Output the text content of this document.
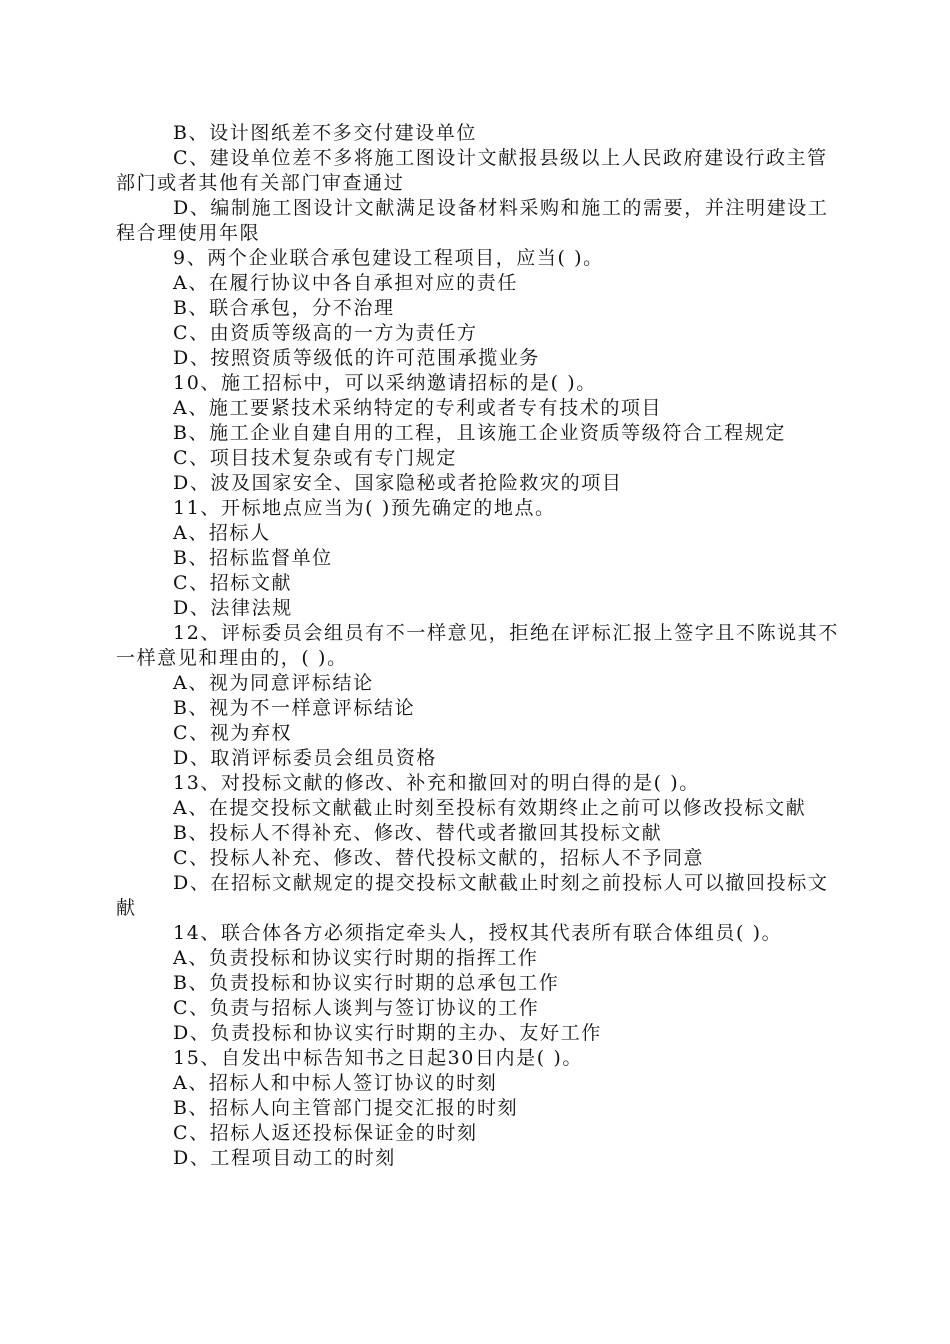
B、设计图纸差不多交付建设单位

C、建设单位差不多将施工图设计文献报县级以上人民政府建设行政主管部门或者其他有关部门审查通过

D、编制施工图设计文献满足设备材料采购和施工的需要，并注明建设工程合理使用年限

9、两个企业联合承包建设工程项目，应当( )。

A、在履行协议中各自承担对应的责任

B、联合承包，分不治理

C、由资质等级高的一方为责任方

D、按照资质等级低的许可范围承揽业务

10、施工招标中，可以采纳邀请招标的是( )。

A、施工要紧技术采纳特定的专利或者专有技术的项目

B、施工企业自建自用的工程，且该施工企业资质等级符合工程规定

C、项目技术复杂或有专门规定

D、波及国家安全、国家隐秘或者抢险救灾的项目

11、开标地点应当为( )预先确定的地点。

A、招标人

B、招标监督单位

C、招标文献

D、法律法规

12、评标委员会组员有不一样意见，拒绝在评标汇报上签字且不陈说其不一样意见和理由的，( )。

A、视为同意评标结论

B、视为不一样意评标结论

C、视为弃权

D、取消评标委员会组员资格

13、对投标文献的修改、补充和撤回对的明白得的是( )。

A、在提交投标文献截止时刻至投标有效期终止之前可以修改投标文献

B、投标人不得补充、修改、替代或者撤回其投标文献

C、投标人补充、修改、替代投标文献的，招标人不予同意

D、在招标文献规定的提交投标文献截止时刻之前投标人可以撤回投标文献

14、联合体各方必须指定牵头人，授权其代表所有联合体组员( )。

A、负责投标和协议实行时期的指挥工作

B、负责投标和协议实行时期的总承包工作

C、负责与招标人谈判与签订协议的工作

D、负责投标和协议实行时期的主办、友好工作

15、自发出中标告知书之日起30日内是( )。

A、招标人和中标人签订协议的时刻

B、招标人向主管部门提交汇报的时刻

C、招标人返还投标保证金的时刻

D、工程项目动工的时刻
